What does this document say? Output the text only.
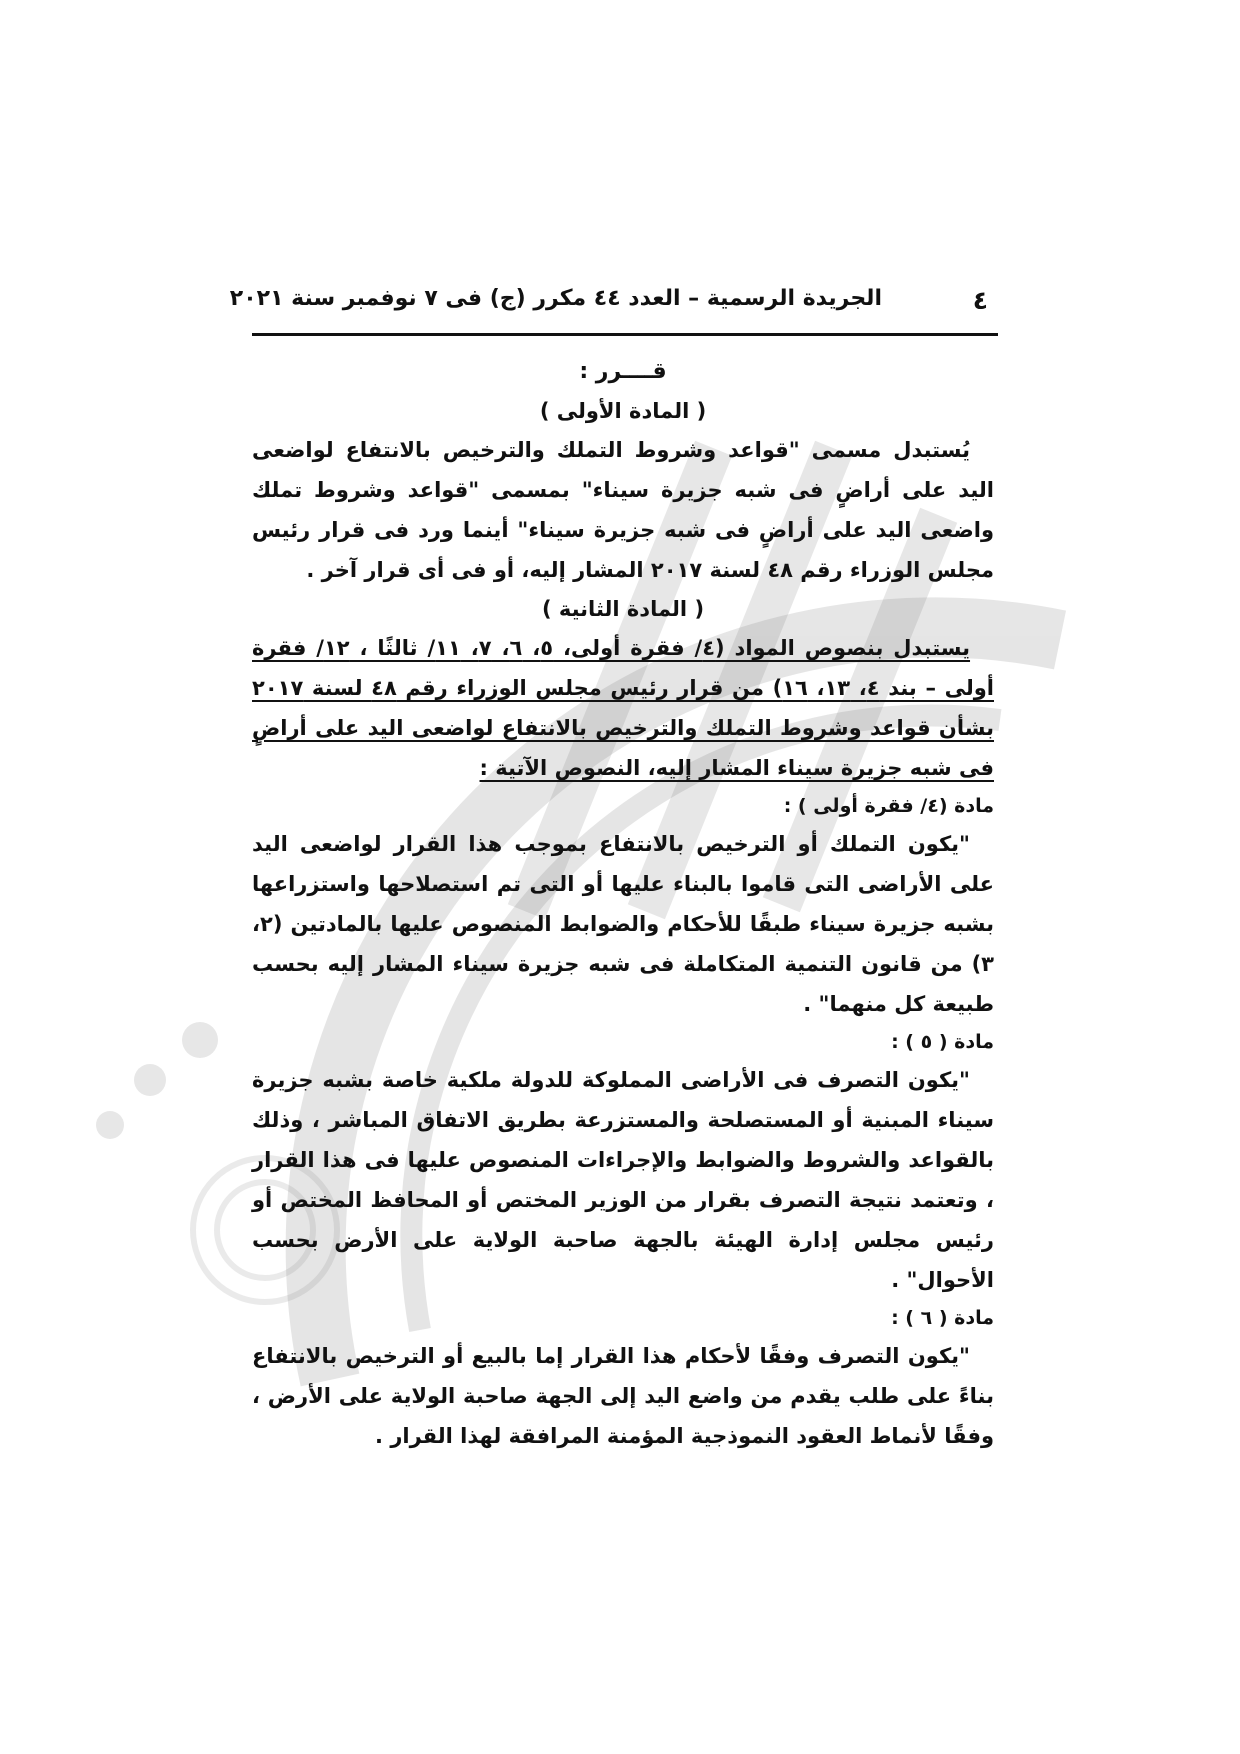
٤
الجريدة الرسمية – العدد ٤٤ مكرر (ج) فى ٧ نوفمبر سنة ٢٠٢١

قــــرر :

( المادة الأولى )

يُستبدل مسمى "قواعد وشروط التملك والترخيص بالانتفاع لواضعى اليد على أراضٍ فى شبه جزيرة سيناء" بمسمى "قواعد وشروط تملك واضعى اليد على أراضٍ فى شبه جزيرة سيناء" أينما ورد فى قرار رئيس مجلس الوزراء رقم ٤٨ لسنة ٢٠١٧ المشار إليه، أو فى أى قرار آخر .

( المادة الثانية )

يستبدل بنصوص المواد (٤/ فقرة أولى، ٥، ٦، ٧، ١١/ ثالثًا ، ١٢/ فقرة أولى – بند ٤، ١٣، ١٦) من قرار رئيس مجلس الوزراء رقم ٤٨ لسنة ٢٠١٧ بشأن قواعد وشروط التملك والترخيص بالانتفاع لواضعى اليد على أراضٍ فى شبه جزيرة سيناء المشار إليه، النصوص الآتية :

مادة (٤/ فقرة أولى ) :

"يكون التملك أو الترخيص بالانتفاع بموجب هذا القرار لواضعى اليد على الأراضى التى قاموا بالبناء عليها أو التى تم استصلاحها واستزراعها بشبه جزيرة سيناء طبقًا للأحكام والضوابط المنصوص عليها بالمادتين (٢، ٣) من قانون التنمية المتكاملة فى شبه جزيرة سيناء المشار إليه بحسب طبيعة كل منهما" .

مادة ( ٥ ) :

"يكون التصرف فى الأراضى المملوكة للدولة ملكية خاصة بشبه جزيرة سيناء المبنية أو المستصلحة والمستزرعة بطريق الاتفاق المباشر ، وذلك بالقواعد والشروط والضوابط والإجراءات المنصوص عليها فى هذا القرار ، وتعتمد نتيجة التصرف بقرار من الوزير المختص أو المحافظ المختص أو رئيس مجلس إدارة الهيئة بالجهة صاحبة الولاية على الأرض بحسب الأحوال" .

مادة ( ٦ ) :

"يكون التصرف وفقًا لأحكام هذا القرار إما بالبيع أو الترخيص بالانتفاع بناءً على طلب يقدم من واضع اليد إلى الجهة صاحبة الولاية على الأرض ، وفقًا لأنماط العقود النموذجية المؤمنة المرافقة لهذا القرار .
